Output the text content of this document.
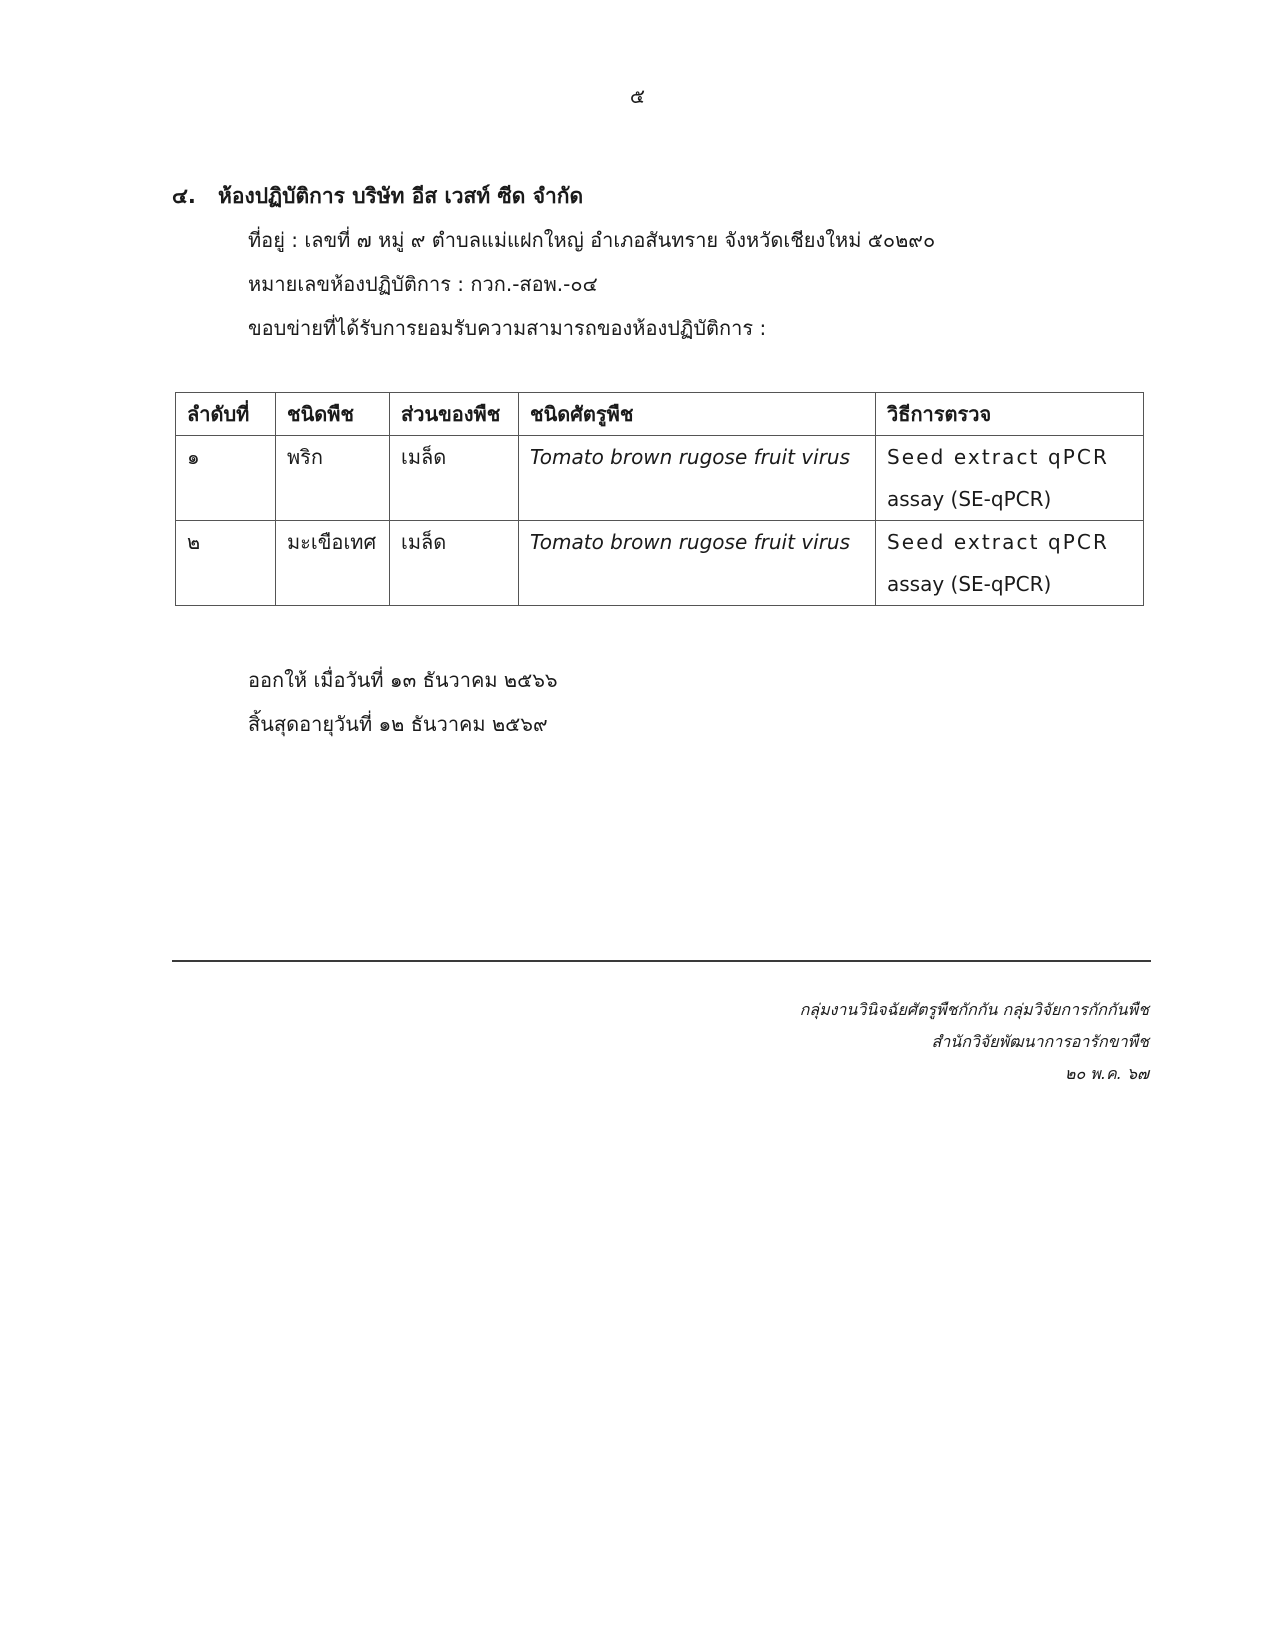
๕
๔. ห้องปฏิบัติการ บริษัท อีส เวสท์ ซีด จำกัด
ที่อยู่ : เลขที่ ๗ หมู่ ๙ ตำบลแม่แฝกใหญ่ อำเภอสันทราย จังหวัดเชียงใหม่ ๕๐๒๙๐
หมายเลขห้องปฏิบัติการ : กวก.-สอพ.-๐๔
ขอบข่ายที่ได้รับการยอมรับความสามารถของห้องปฏิบัติการ :
ลำดับที่	ชนิดพืช	ส่วนของพืช	ชนิดศัตรูพืช	วิธีการตรวจ
๑	พริก	เมล็ด	Tomato brown rugose fruit virus	Seed extract qPCR
assay (SE-qPCR)

๒	มะเขือเทศ	เมล็ด	Tomato brown rugose fruit virus	Seed extract qPCR
assay (SE-qPCR)
ออกให้ เมื่อวันที่ ๑๓ ธันวาคม ๒๕๖๖
สิ้นสุดอายุวันที่ ๑๒ ธันวาคม ๒๕๖๙
กลุ่มงานวินิจฉัยศัตรูพืชกักกัน กลุ่มวิจัยการกักกันพืช
สำนักวิจัยพัฒนาการอารักขาพืช
๒๐ พ.ค. ๖๗
